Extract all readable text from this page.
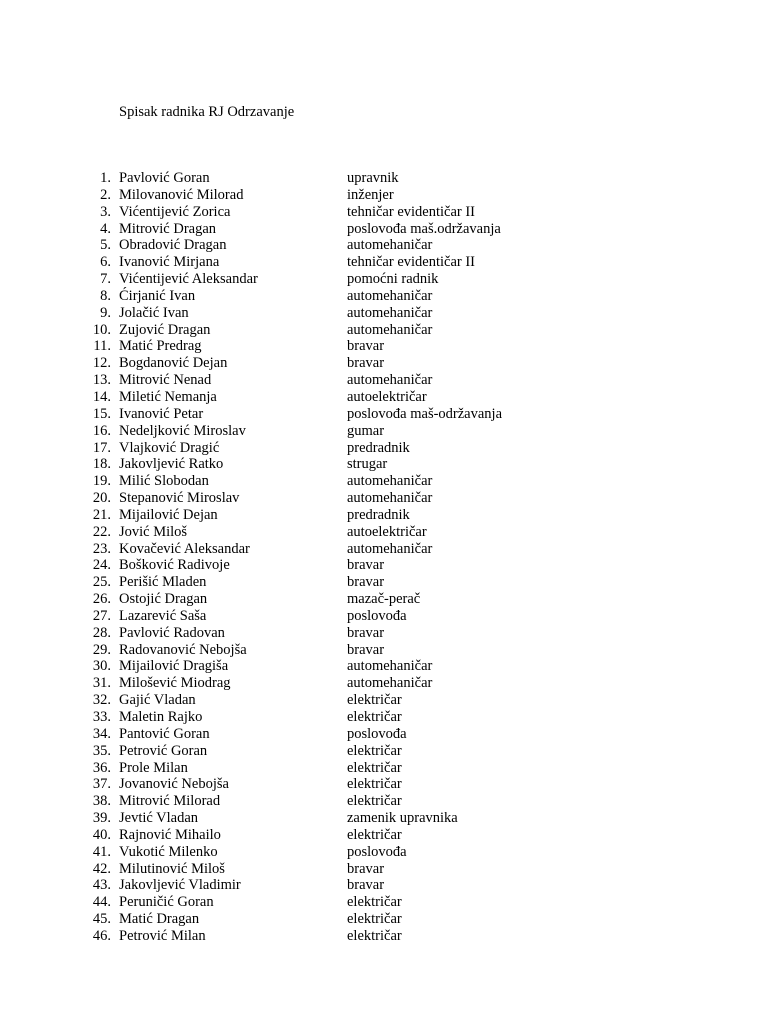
Spisak radnika RJ Odrzavanje
1. Pavlović Goran	upravnik
2. Milovanović Milorad	inženjer
3. Vićentijević Zorica	tehničar evidentičar II
4. Mitrović Dragan	poslovođa maš.održavanja
5. Obradović Dragan	automehaničar
6. Ivanović Mirjana	tehničar evidentičar II
7. Vićentijević Aleksandar	pomoćni radnik
8. Ćirjanić Ivan	automehaničar
9. Jolačić Ivan	automehaničar
10. Zujović Dragan	automehaničar
11. Matić Predrag	bravar
12. Bogdanović Dejan	bravar
13. Mitrović Nenad	automehaničar
14. Miletić Nemanja	autoelektričar
15. Ivanović Petar	poslovođa maš-održavanja
16. Nedeljković Miroslav	gumar
17. Vlajković Dragić	predradnik
18. Jakovljević Ratko	strugar
19. Milić Slobodan	automehaničar
20. Stepanović Miroslav	automehaničar
21. Mijailović Dejan	predradnik
22. Jović Miloš	autoelektričar
23. Kovačević Aleksandar	automehaničar
24. Bošković Radivoje	bravar
25. Perišić Mladen	bravar
26. Ostojić Dragan	mazač-perač
27. Lazarević Saša	poslovođa
28. Pavlović Radovan	bravar
29. Radovanović Nebojša	bravar
30. Mijailović Dragiša	automehaničar
31. Milošević Miodrag	automehaničar
32. Gajić Vladan	električar
33. Maletin Rajko	električar
34. Pantović Goran	poslovođa
35. Petrović Goran	električar
36. Prole Milan	električar
37. Jovanović Nebojša	električar
38. Mitrović Milorad	električar
39. Jevtić Vladan	zamenik upravnika
40. Rajnović Mihailo	električar
41. Vukotić Milenko	poslovođa
42. Milutinović Miloš	bravar
43. Jakovljević Vladimir	bravar
44. Peruničić Goran	električar
45. Matić Dragan	električar
46. Petrović Milan	električar
